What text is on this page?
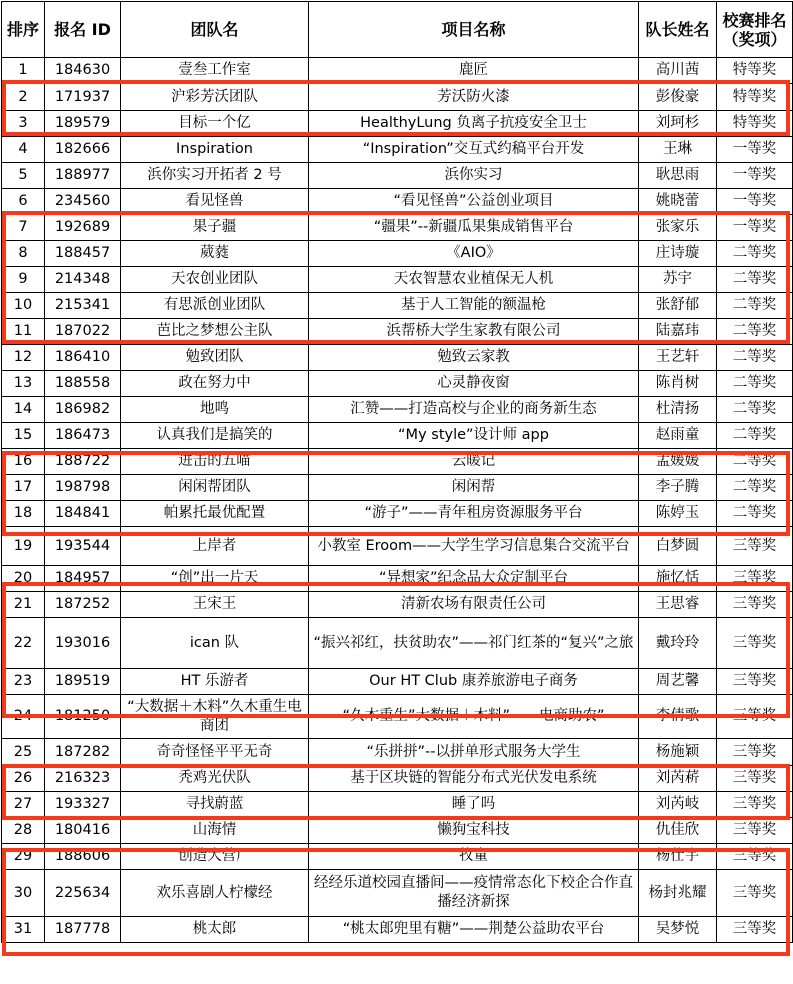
排序	报名 ID	团队名	项目名称	队长姓名	校赛排名（奖项）
1	184630	壹叁工作室	鹿匠	高川茜	特等奖
2	171937	沪彩芳沃团队	芳沃防火漆	彭俊豪	特等奖
3	189579	目标一个亿	HealthyLung 负离子抗疫安全卫士	刘珂杉	特等奖
4	182666	Inspiration	“Inspiration”交互式约稿平台开发	王琳	一等奖
5	188977	浜你实习开拓者 2 号	浜你实习	耿思雨	一等奖
6	234560	看见怪兽	“看见怪兽”公益创业项目	姚晓蕾	一等奖
7	192689	果子疆	“疆果”--新疆瓜果集成销售平台	张家乐	一等奖
8	188457	葳蕤	《AIO》	庄诗璇	二等奖
9	214348	天农创业团队	天农智慧农业植保无人机	苏宇	二等奖
10	215341	有思派创业团队	基于人工智能的额温枪	张舒郁	二等奖
11	187022	芭比之梦想公主队	浜帮桥大学生家教有限公司	陆嘉玮	二等奖
12	186410	勉致团队	勉致云家教	王艺轩	二等奖
13	188558	政在努力中	心灵静夜窗	陈肖树	二等奖
14	186982	地鸣	汇赞——打造高校与企业的商务新生态	杜清扬	二等奖
15	186473	认真我们是搞笑的	“My style”设计师 app	赵雨童	二等奖
16	188722	进击的五喵	云暖记	孟媛媛	二等奖
17	198798	闲闲帮团队	闲闲帮	李子腾	二等奖
18	184841	帕累托最优配置	“游子”——青年租房资源服务平台	陈婷玉	二等奖
19	193544	上岸者	小教室 Eroom——大学生学习信息集合交流平台	白梦圆	三等奖
20	184957	“创”出一片天	“异想家”纪念品大众定制平台	施忆恬	三等奖
21	187252	王宋王	清新农场有限责任公司	王思睿	三等奖
22	193016	ican 队	“振兴祁红，扶贫助农”——祁门红茶的“复兴”之旅	戴玲玲	三等奖
23	189519	HT 乐游者	Our HT Club 康养旅游电子商务	周艺馨	三等奖
24	181250	“大数据＋木料”久木重生电商团	“久木重生”大数据＋木料”——电商助农”	李倩歌	三等奖
25	187282	奇奇怪怪平平无奇	“乐拼拼”--以拼单形式服务大学生	杨施颖	三等奖
26	216323	秃鸡光伏队	基于区块链的智能分布式光伏发电系统	刘芮菥	三等奖
27	193327	寻找蔚蓝	睡了吗	刘芮岐	三等奖
28	180416	山海情	懒狗宝科技	仇佳欣	三等奖
29	188606	创造大营厂	牧童	杨仕宇	三等奖
30	225634	欢乐喜剧人柠檬经	经经乐道校园直播间——疫情常态化下校企合作直播经济新探	杨封兆耀	三等奖
31	187778	桃太郎	“桃太郎兜里有糖”——荆楚公益助农平台	吴梦悦	三等奖
